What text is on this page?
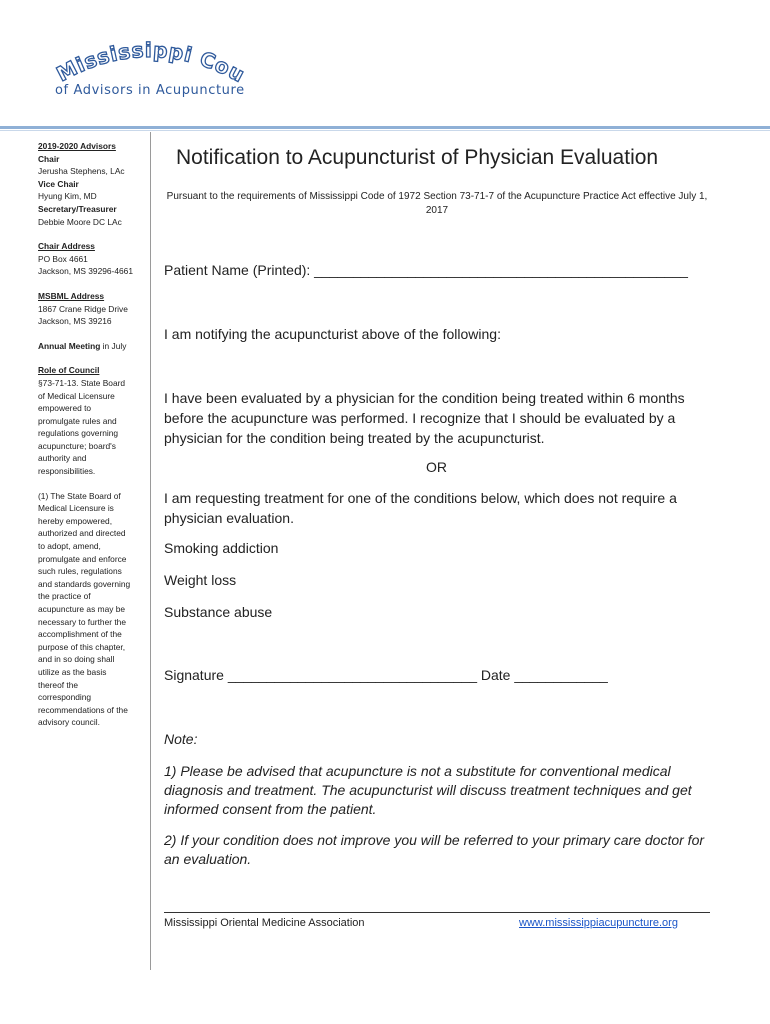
Mississippi Cou
of Advisors in Acupuncture
2019-2020 Advisors
Chair
Jerusha Stephens, LAc
Vice Chair
Hyung Kim, MD
Secretary/Treasurer
Debbie Moore DC LAc
Chair Address
PO Box 4661
Jackson, MS 39296-4661
MSBML Address
1867 Crane Ridge Drive
Jackson, MS 39216
Annual Meeting in July
Role of Council
§73-71-13. State Board
of Medical Licensure
empowered to
promulgate rules and
regulations governing
acupuncture; board's
authority and
responsibilities.
(1) The State Board of
Medical Licensure is
hereby empowered,
authorized and directed
to adopt, amend,
promulgate and enforce
such rules, regulations
and standards governing
the practice of
acupuncture as may be
necessary to further the
accomplishment of the
purpose of this chapter,
and in so doing shall
utilize as the basis
thereof the
corresponding
recommendations of the
advisory council.
Notification to Acupuncturist of Physician Evaluation
Pursuant to the requirements of Mississippi Code of 1972 Section 73-71-7 of the Acupuncture Practice Act effective July 1, 2017
Patient Name (Printed): ________________________________________________
I am notifying the acupuncturist above of the following:
I have been evaluated by a physician for the condition being treated within 6 months before the acupuncture was performed. I recognize that I should be evaluated by a physician for the condition being treated by the acupuncturist.
OR
I am requesting treatment for one of the conditions below, which does not require a physician evaluation.
Smoking addiction
Weight loss
Substance abuse
Signature ________________________________ Date ____________
Note:
1) Please be advised that acupuncture is not a substitute for conventional medical diagnosis and treatment. The acupuncturist will discuss treatment techniques and get informed consent from the patient.
2) If your condition does not improve you will be referred to your primary care doctor for an evaluation.
Mississippi Oriental Medicine Association	www.mississippiacupuncture.org
